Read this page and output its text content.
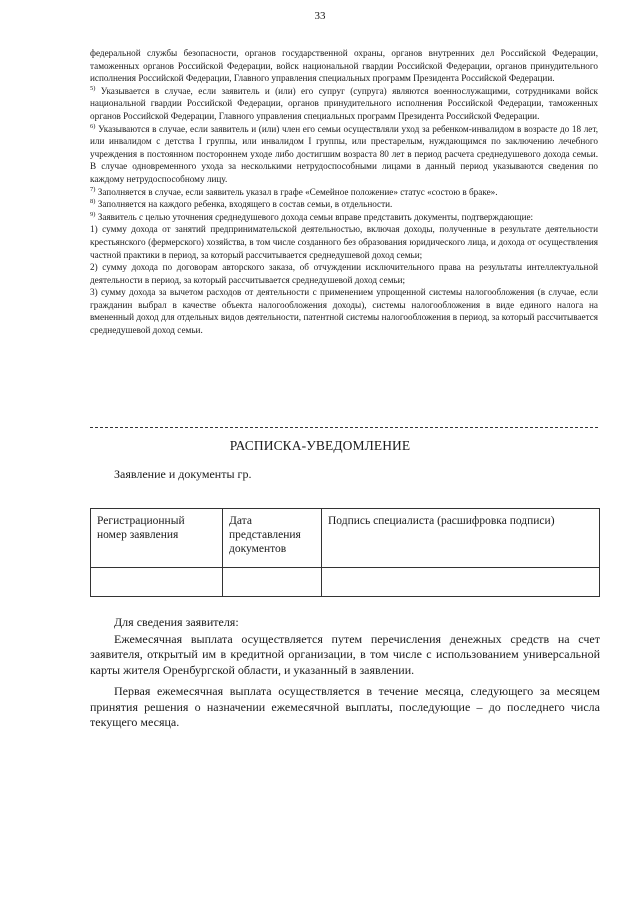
33

федеральной службы безопасности, органов государственной охраны, органов внутренних дел Российской Федерации, таможенных органов Российской Федерации, войск национальной гвардии Российской Федерации, органов принудительного исполнения Российской Федерации, Главного управления специальных программ Президента Российской Федерации.

$^{5)}$ Указывается в случае, если заявитель и (или) его супруг (супруга) являются военнослужащими, сотрудниками войск национальной гвардии Российской Федерации, органов принудительного исполнения Российской Федерации, таможенных органов Российской Федерации, Главного управления специальных программ Президента Российской Федерации.

$^{6)}$ Указываются в случае, если заявитель и (или) член его семьи осуществляли уход за ребенком-инвалидом в возрасте до 18 лет, или инвалидом с детства I группы, или инвалидом I группы, или престарелым, нуждающимся по заключению лечебного учреждения в постоянном постороннем уходе либо достигшим возраста 80 лет в период расчета среднедушевого дохода семьи. В случае одновременного ухода за несколькими нетрудоспособными лицами в данный период указываются сведения по каждому нетрудоспособному лицу.

$^{7)}$ Заполняется в случае, если заявитель указал в графе «Семейное положение» статус «состою в браке».

$^{8)}$ Заполняется на каждого ребенка, входящего в состав семьи, в отдельности.

$^{9)}$ Заявитель с целью уточнения среднедушевого дохода семьи вправе представить документы, подтверждающие:

1) сумму дохода от занятий предпринимательской деятельностью, включая доходы, полученные в результате деятельности крестьянского (фермерского) хозяйства, в том числе созданного без образования юридического лица, и дохода от осуществления частной практики в период, за который рассчитывается среднедушевой доход семьи;

2) сумму дохода по договорам авторского заказа, об отчуждении исключительного права на результаты интеллектуальной деятельности в период, за который рассчитывается среднедушевой доход семьи;

3) сумму дохода за вычетом расходов от деятельности с применением упрощенной системы налогообложения (в случае, если гражданин выбрал в качестве объекта налогообложения доходы), системы налогообложения в виде единого налога на вмененный доход для отдельных видов деятельности, патентной системы налогообложения в период, за который рассчитывается среднедушевой доход семьи.

РАСПИСКА-УВЕДОМЛЕНИЕ
Заявление и документы гр.
Регистрационный номер заявления	Дата представления документов	Подпись специалиста (расшифровка подписи)

Для сведения заявителя:

Ежемесячная выплата осуществляется путем перечисления денежных средств на счет заявителя, открытый им в кредитной организации, в том числе с использованием универсальной карты жителя Оренбургской области, и указанный в заявлении.

Первая ежемесячная выплата осуществляется в течение месяца, следующего за месяцем принятия решения о назначении ежемесячной выплаты, последующие – до последнего числа текущего месяца.
